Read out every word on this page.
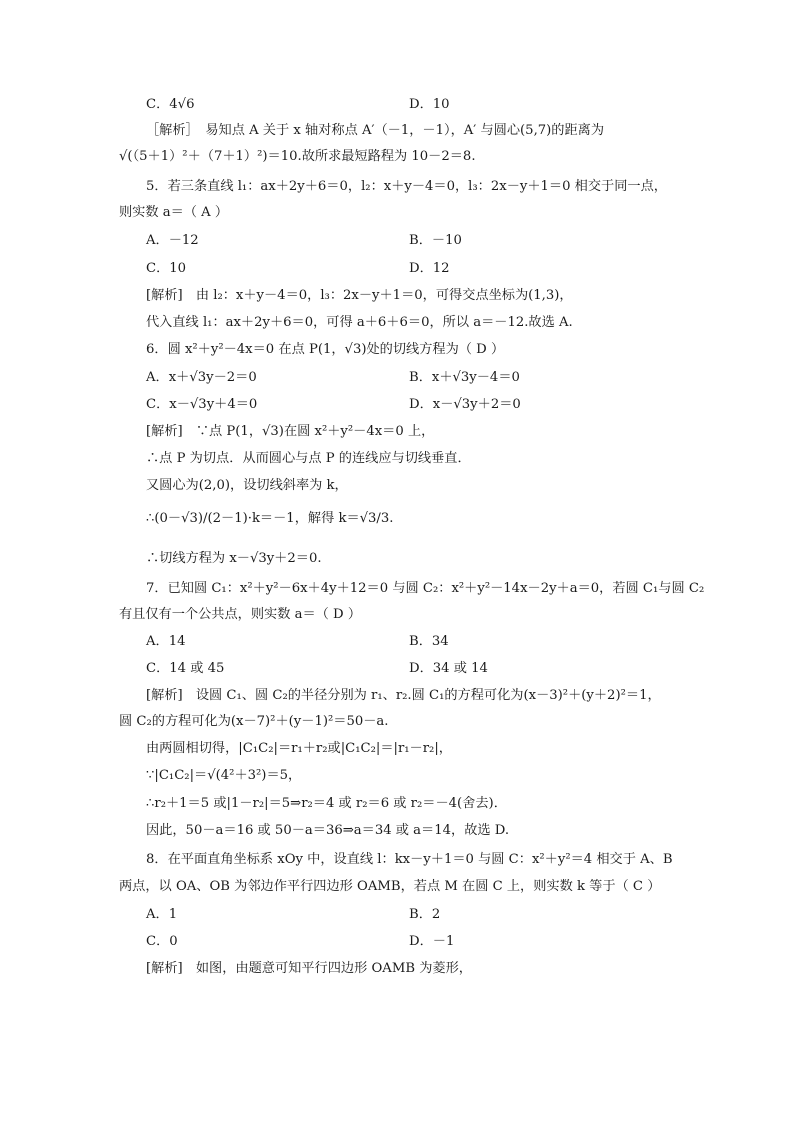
C．4√6	D．10
［解析］　易知点 A 关于 x 轴对称点 A′（－1，－1），A′ 与圆心(5,7)的距离为
√(（5＋1）²＋（7＋1）²)＝10.故所求最短路程为 10－2＝8.
5．若三条直线 l₁：ax＋2y＋6＝0，l₂：x＋y－4＝0，l₃：2x－y＋1＝0 相交于同一点，
则实数 a＝（ A ）
A．－12	B．－10
C．10	D．12
[解析]　由 l₂：x＋y－4＝0，l₃：2x－y＋1＝0，可得交点坐标为(1,3)，
代入直线 l₁：ax＋2y＋6＝0，可得 a＋6＋6＝0，所以 a＝－12.故选 A.
6．圆 x²＋y²－4x＝0 在点 P(1，√3)处的切线方程为（ D ）
A．x＋√3y－2＝0	B．x＋√3y－4＝0
C．x－√3y＋4＝0	D．x－√3y＋2＝0
[解析]　∵点 P(1，√3)在圆 x²＋y²－4x＝0 上，
∴点 P 为切点．从而圆心与点 P 的连线应与切线垂直．
又圆心为(2,0)，设切线斜率为 k，
∴(0－√3)/(2－1)·k＝－1，解得 k＝√3/3.
∴切线方程为 x－√3y＋2＝0.
7．已知圆 C₁：x²＋y²－6x＋4y＋12＝0 与圆 C₂：x²＋y²－14x－2y＋a＝0，若圆 C₁与圆 C₂
有且仅有一个公共点，则实数 a＝（ D ）
A．14	B．34
C．14 或 45	D．34 或 14
[解析]　设圆 C₁、圆 C₂的半径分别为 r₁、r₂.圆 C₁的方程可化为(x－3)²＋(y＋2)²＝1，
圆 C₂的方程可化为(x－7)²＋(y－1)²＝50－a.
由两圆相切得，|C₁C₂|＝r₁＋r₂或|C₁C₂|＝|r₁－r₂|，
∵|C₁C₂|＝√(4²＋3²)＝5，
∴r₂＋1＝5 或|1－r₂|＝5⇒r₂＝4 或 r₂＝6 或 r₂＝－4(舍去)．
因此，50－a＝16 或 50－a＝36⇒a＝34 或 a＝14，故选 D.
8．在平面直角坐标系 xOy 中，设直线 l：kx－y＋1＝0 与圆 C：x²＋y²＝4 相交于 A、B
两点，以 OA、OB 为邻边作平行四边形 OAMB，若点 M 在圆 C 上，则实数 k 等于（ C ）
A．1	B．2
C．0	D．－1
[解析]　如图，由题意可知平行四边形 OAMB 为菱形，
